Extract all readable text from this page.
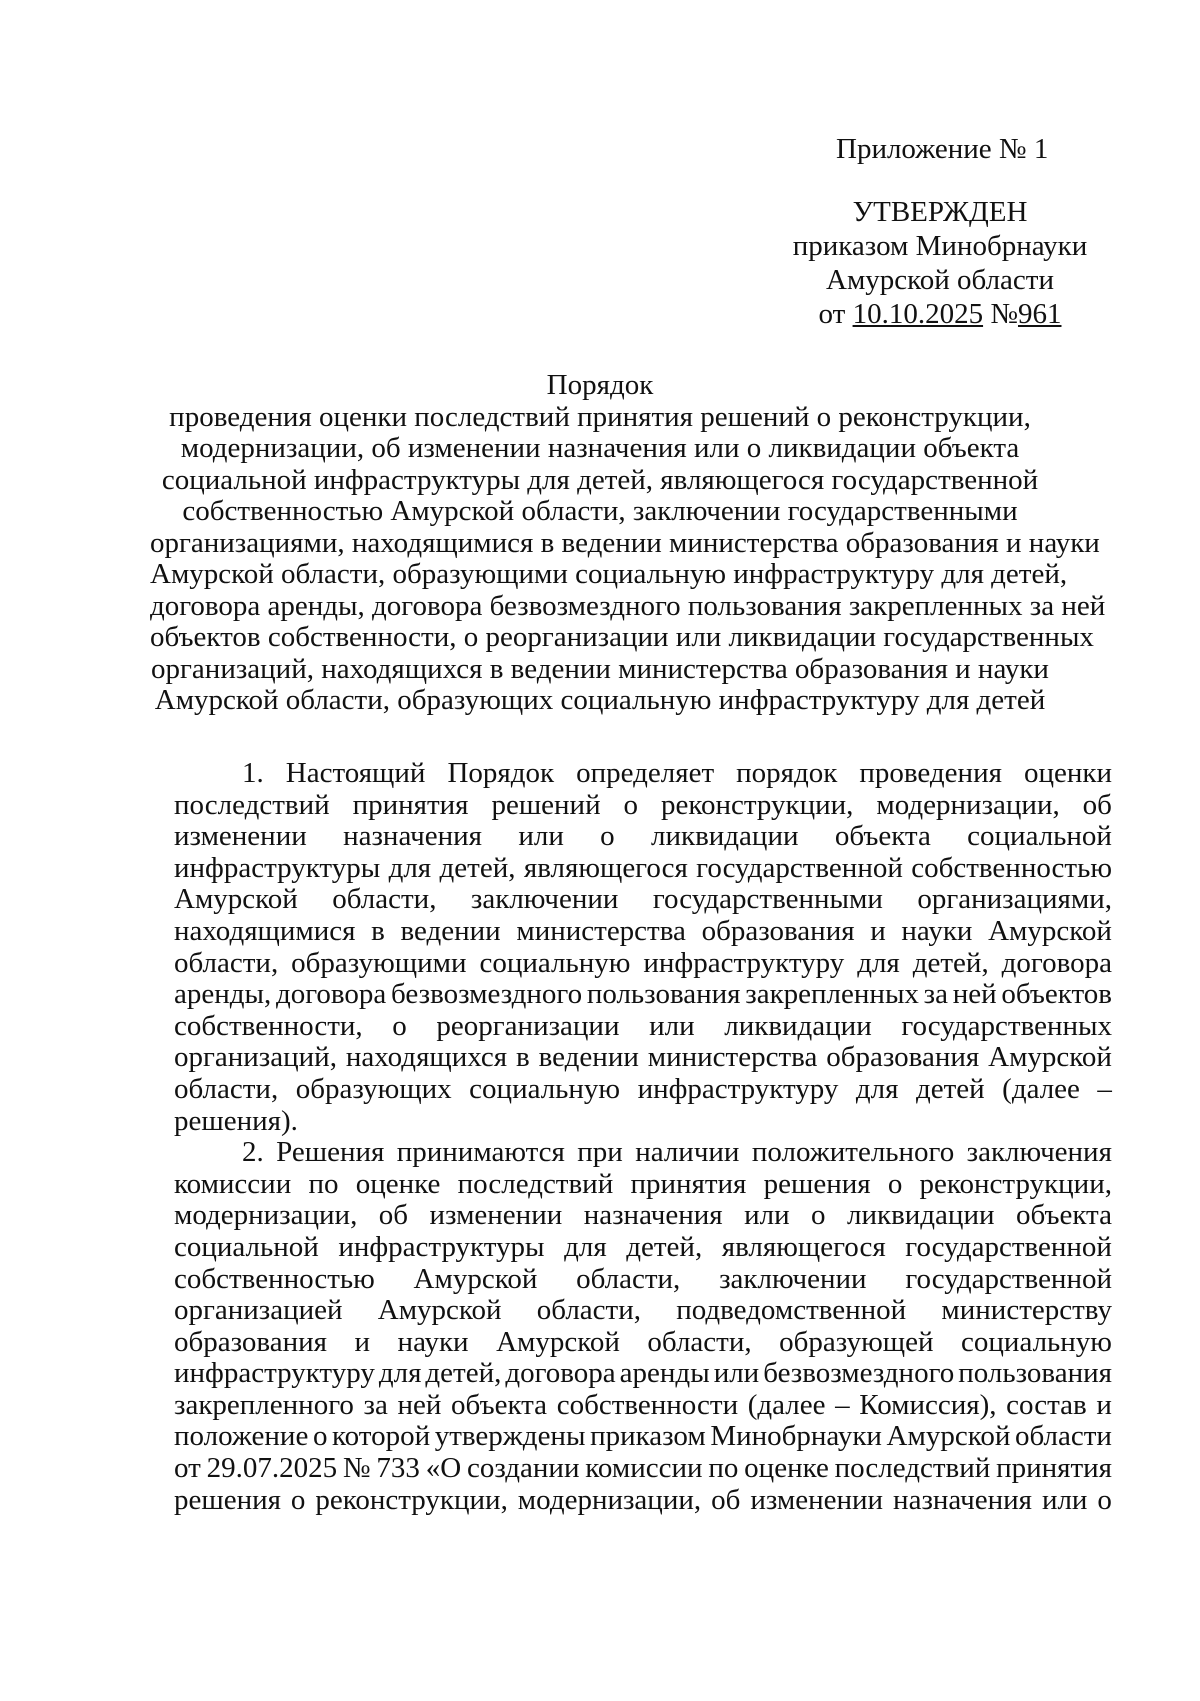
Приложение № 1
УТВЕРЖДЕН
приказом Минобрнауки
Амурской области
от 10.10.2025 №961
Порядок
проведения оценки последствий принятия решений о реконструкции,
модернизации, об изменении назначения или о ликвидации объекта
социальной инфраструктуры для детей, являющегося государственной
собственностью Амурской области, заключении государственными
организациями, находящимися в ведении министерства образования и науки
Амурской области, образующими социальную инфраструктуру для детей,
договора аренды, договора безвозмездного пользования закрепленных за ней
объектов собственности, о реорганизации или ликвидации государственных
организаций, находящихся в ведении министерства образования и науки
Амурской области, образующих социальную инфраструктуру для детей
1. Настоящий Порядок определяет порядок проведения оценки
последствий принятия решений о реконструкции, модернизации, об
изменении назначения или о ликвидации объекта социальной
инфраструктуры для детей, являющегося государственной собственностью
Амурской области, заключении государственными организациями,
находящимися в ведении министерства образования и науки Амурской
области, образующими социальную инфраструктуру для детей, договора
аренды, договора безвозмездного пользования закрепленных за ней объектов
собственности, о реорганизации или ликвидации государственных
организаций, находящихся в ведении министерства образования Амурской
области, образующих социальную инфраструктуру для детей (далее –
решения).
2. Решения принимаются при наличии положительного заключения
комиссии по оценке последствий принятия решения о реконструкции,
модернизации, об изменении назначения или о ликвидации объекта
социальной инфраструктуры для детей, являющегося государственной
собственностью Амурской области, заключении государственной
организацией Амурской области, подведомственной министерству
образования и науки Амурской области, образующей социальную
инфраструктуру для детей, договора аренды или безвозмездного пользования
закрепленного за ней объекта собственности (далее – Комиссия), состав и
положение о которой утверждены приказом Минобрнауки Амурской области
от 29.07.2025 № 733 «О создании комиссии по оценке последствий принятия
решения о реконструкции, модернизации, об изменении назначения или о
